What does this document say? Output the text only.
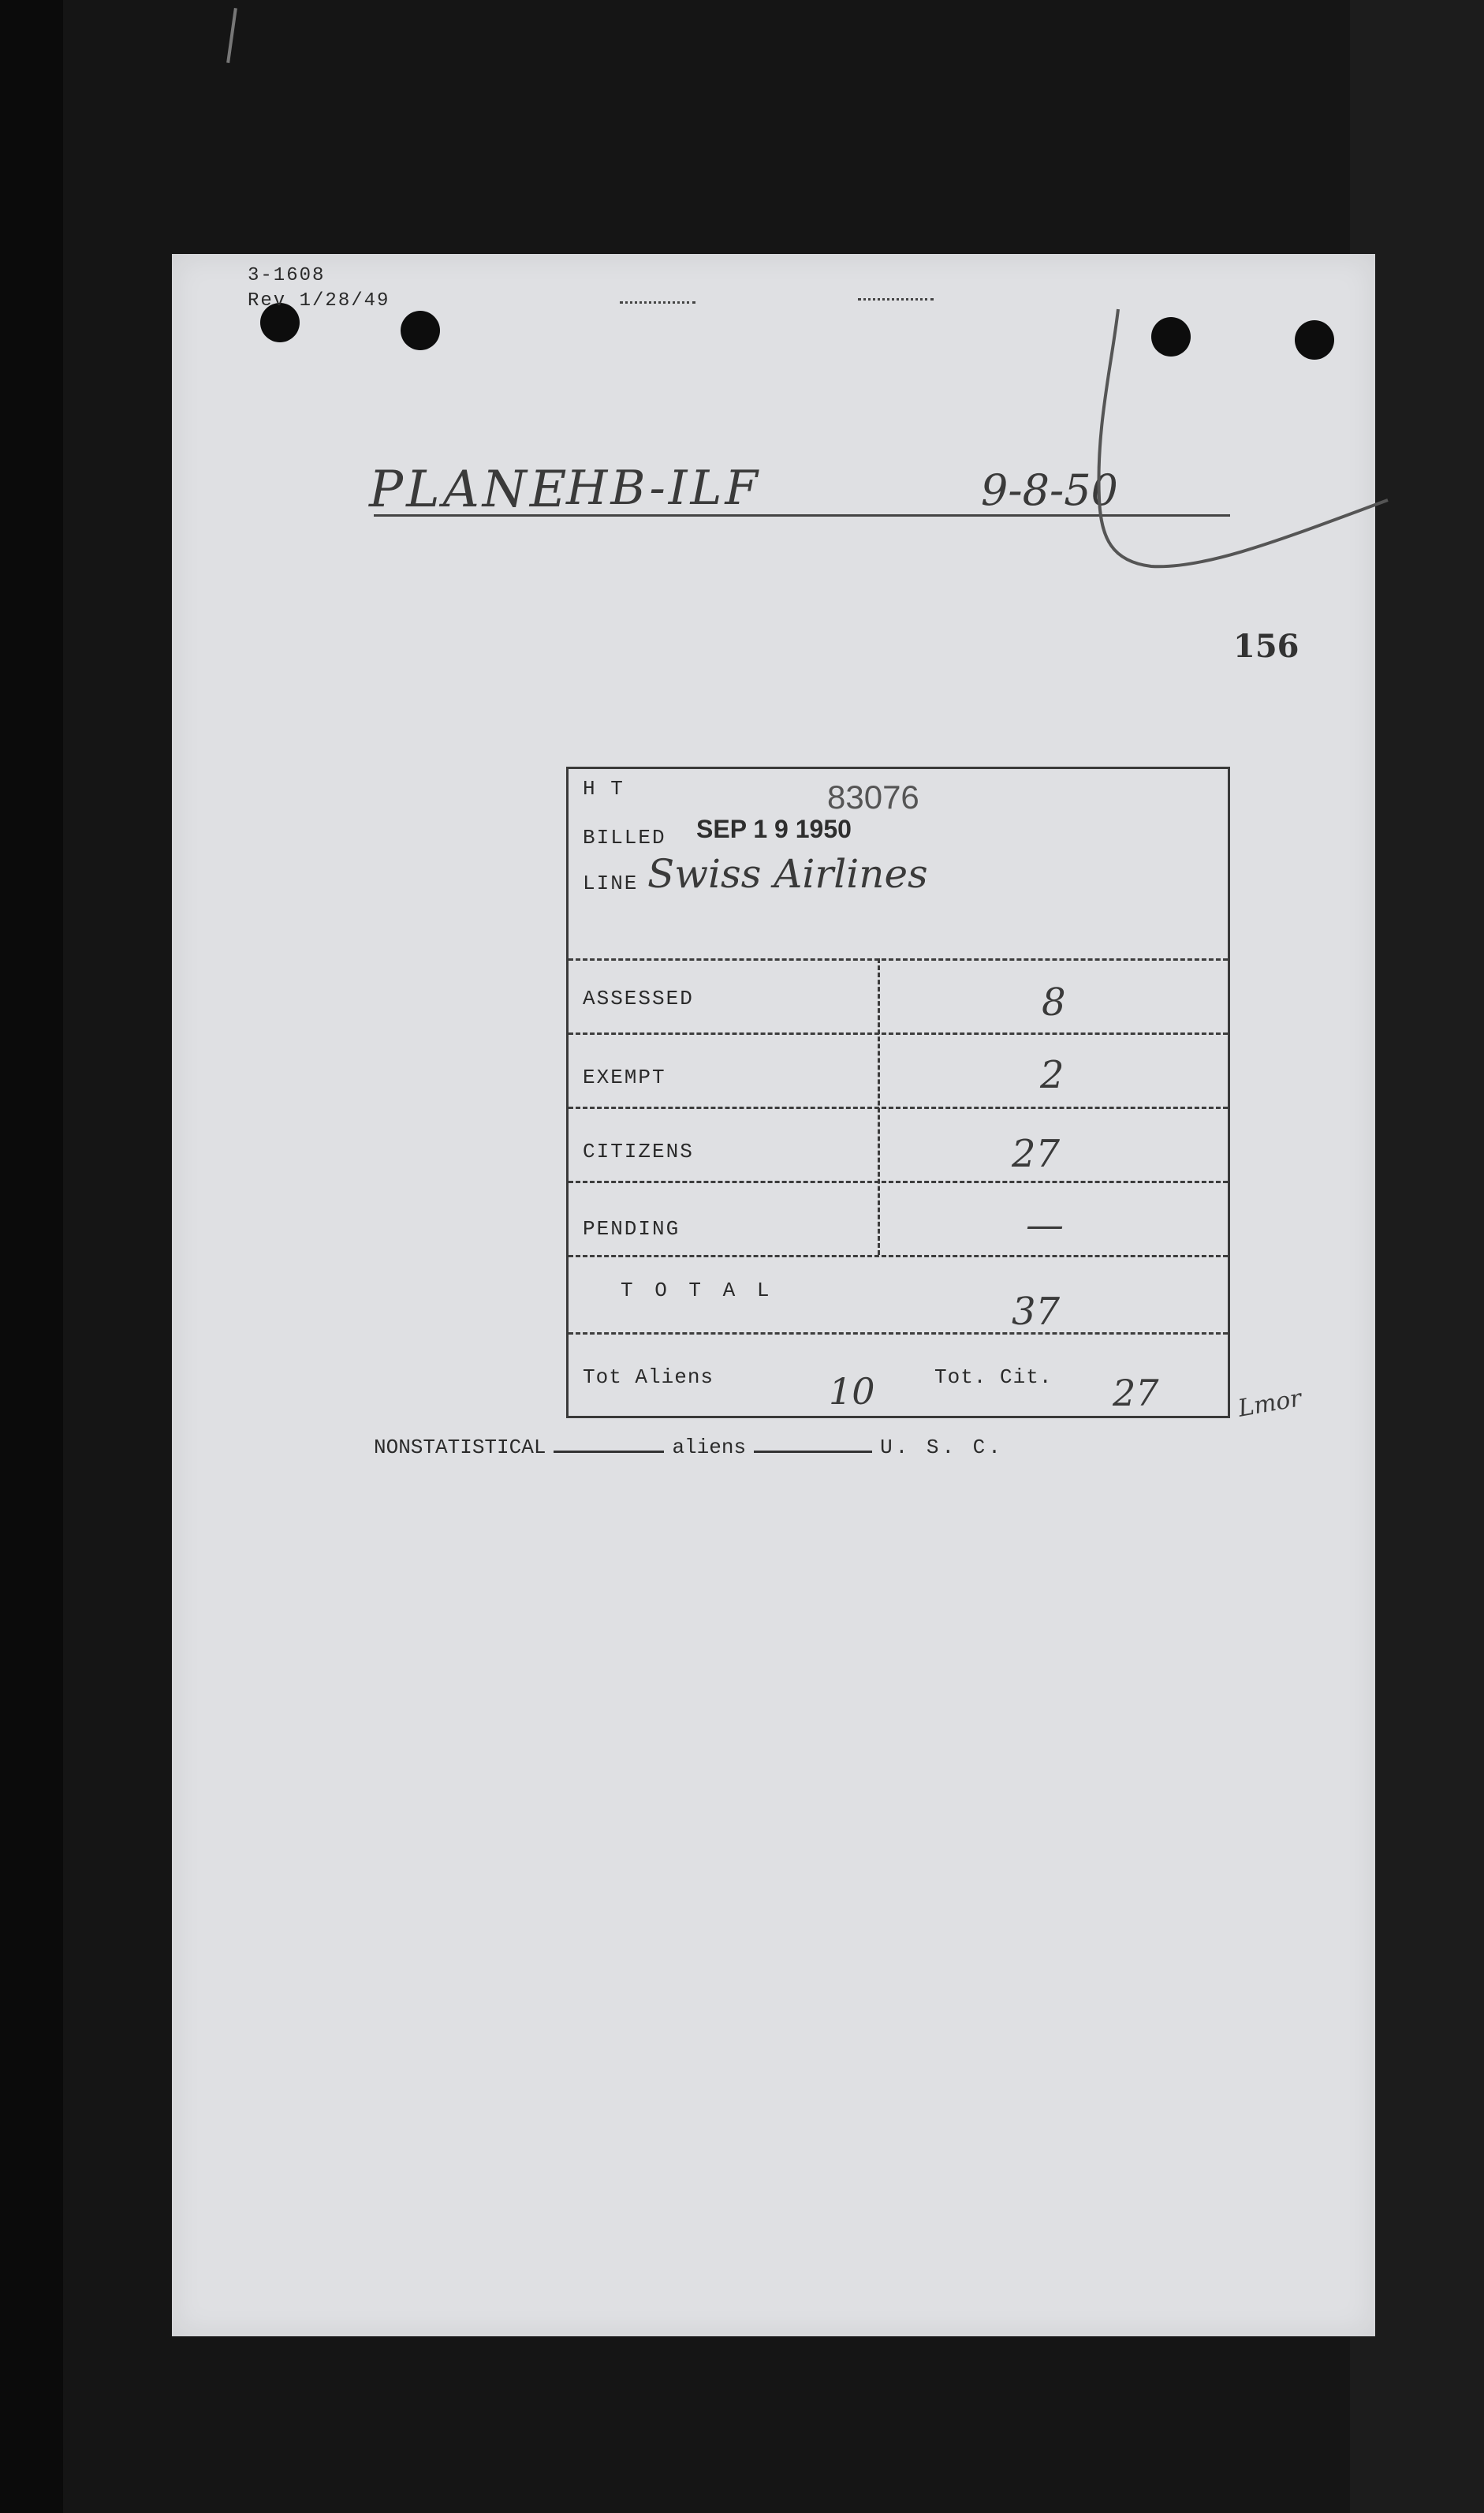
3-1608
Rev 1/28/49
PLANE
HB-ILF	9-8-50
156
H T	83076
BILLED SEP 1 9 1950
LINE Swiss Airlines
ASSESSED	8
EXEMPT	2
CITIZENS	27
PENDING	—
T O T A L	37
Tot Aliens	10	Tot. Cit. 27	Lmor
NONSTATISTICAL	aliens	U. S. C.
